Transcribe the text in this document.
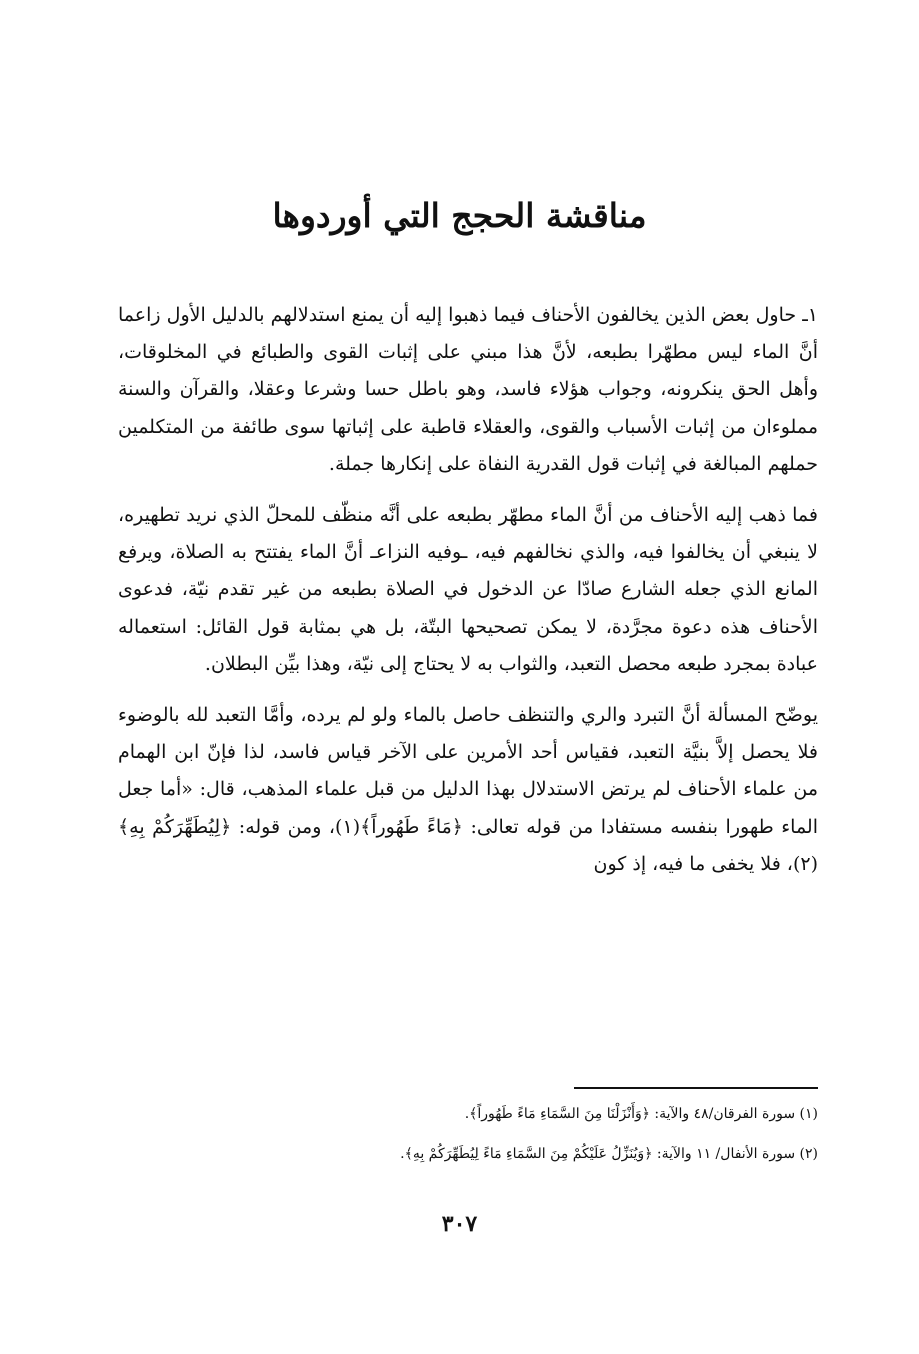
مناقشة الحجج التي أوردوها

١ـ حاول بعض الذين يخالفون الأحناف فيما ذهبوا إليه أن يمنع استدلالهم بالدليل الأول زاعما أنَّ الماء ليس مطهّرا بطبعه، لأنَّ هذا مبني على إثبات القوى والطبائع في المخلوقات، وأهل الحق ينكرونه، وجواب هؤلاء فاسد، وهو باطل حسا وشرعا وعقلا، والقرآن والسنة مملوءان من إثبات الأسباب والقوى، والعقلاء قاطبة على إثباتها سوى طائفة من المتكلمين حملهم المبالغة في إثبات قول القدرية النفاة على إنكارها جملة.

فما ذهب إليه الأحناف من أنَّ الماء مطهّر بطبعه على أنَّه منظّف للمحلّ الذي نريد تطهيره، لا ينبغي أن يخالفوا فيه، والذي نخالفهم فيه، ـوفيه النزاعـ أنَّ الماء يفتتح به الصلاة، ويرفع المانع الذي جعله الشارع صادّا عن الدخول في الصلاة بطبعه من غير تقدم نيّة، فدعوى الأحناف هذه دعوة مجرَّدة، لا يمكن تصحيحها البتّة، بل هي بمثابة قول القائل: استعماله عبادة بمجرد طبعه محصل التعبد، والثواب به لا يحتاج إلى نيّة، وهذا بيِّن البطلان.

يوضّح المسألة أنَّ التبرد والري والتنظف حاصل بالماء ولو لم يرده، وأمَّا التعبد لله بالوضوء فلا يحصل إلاَّ بنيَّة التعبد، فقياس أحد الأمرين على الآخر قياس فاسد، لذا فإنّ ابن الهمام من علماء الأحناف لم يرتض الاستدلال بهذا الدليل من قبل علماء المذهب، قال: «أما جعل الماء طهورا بنفسه مستفادا من قوله تعالى: ﴿مَاءً طَهُوراً﴾(١)، ومن قوله: ﴿لِيُطَهِّرَكُمْ بِهِ﴾(٢)، فلا يخفى ما فيه، إذ كون

(١) سورة الفرقان/٤٨ والآية: ﴿وَأَنْزَلْنَا مِنَ السَّمَاءِ مَاءً طَهُوراً﴾.
(٢) سورة الأنفال/ ١١ والآية: ﴿وَيُنَزِّلُ عَلَيْكُمْ مِنَ السَّمَاءِ مَاءً لِيُطَهِّرَكُمْ بِهِ﴾.
٣٠٧
